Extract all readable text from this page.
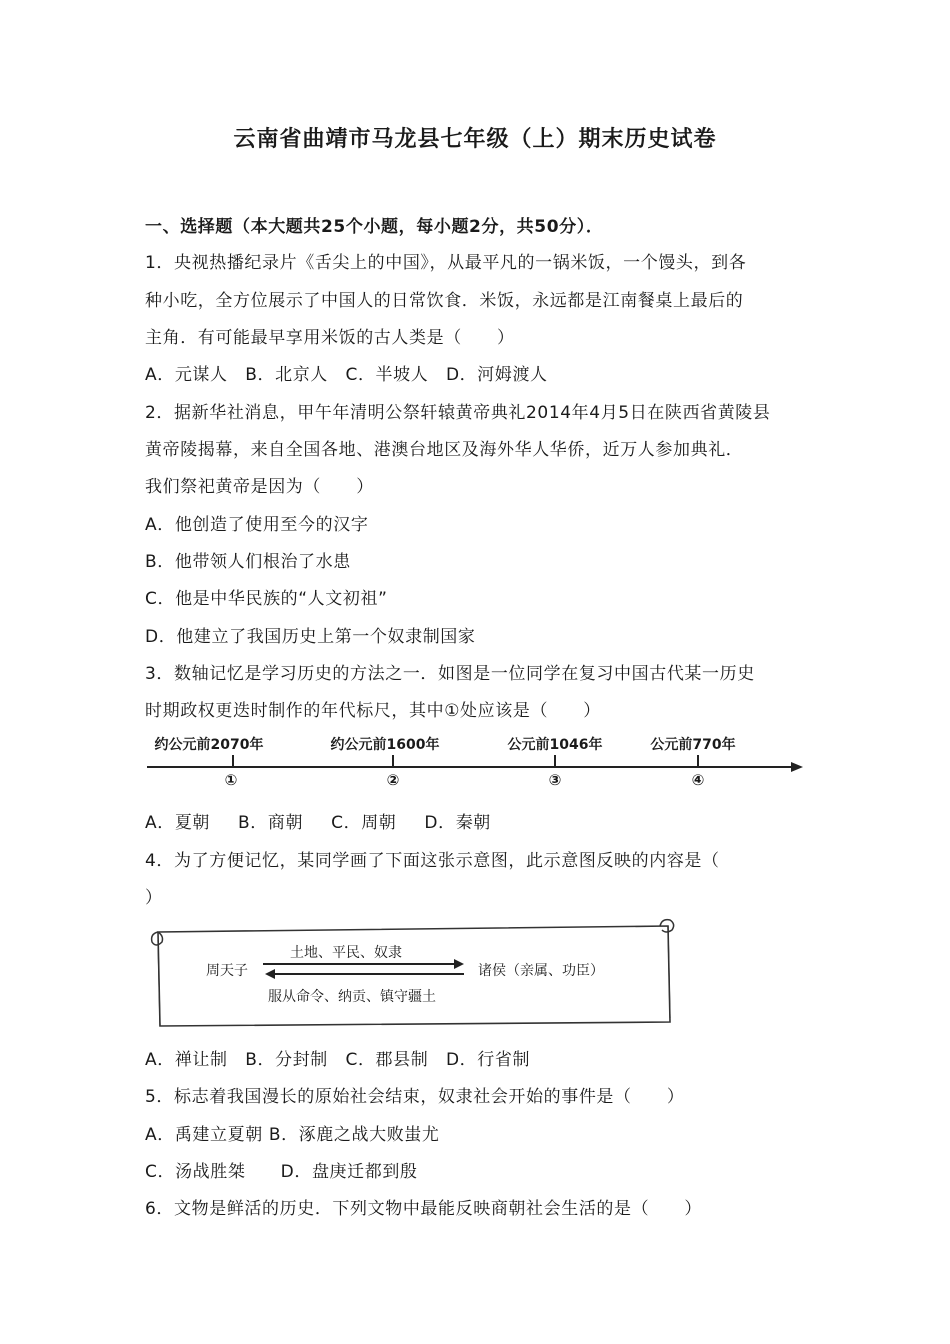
云南省曲靖市马龙县七年级（上）期末历史试卷
一、选择题（本大题共25个小题，每小题2分，共50分）．
1．央视热播纪录片《舌尖上的中国》，从最平凡的一锅米饭，一个馒头，到各
种小吃，全方位展示了中国人的日常饮食．米饭，永远都是江南餐桌上最后的
主角．有可能最早享用米饭的古人类是（　　）
A．元谋人　B．北京人　C．半坡人　D．河姆渡人
2．据新华社消息，甲午年清明公祭轩辕黄帝典礼2014年4月5日在陕西省黄陵县
黄帝陵揭幕，来自全国各地、港澳台地区及海外华人华侨，近万人参加典礼．
我们祭祀黄帝是因为（　　）
A．他创造了使用至今的汉字
B．他带领人们根治了水患
C．他是中华民族的“人文初祖”
D．他建立了我国历史上第一个奴隶制国家
3．数轴记忆是学习历史的方法之一．如图是一位同学在复习中国古代某一历史
时期政权更迭时制作的年代标尺，其中①处应该是（　　）
约公元前2070年	约公元前1600年	公元前1046年	公元前770年
①	②	③	④
A．夏朝 B．商朝 C．周朝 D．秦朝
4．为了方便记忆，某同学画了下面这张示意图，此示意图反映的内容是（
）
土地、平民、奴隶
周天子	诸侯（亲属、功臣）
服从命令、纳贡、镇守疆土
A．禅让制　B．分封制　C．郡县制　D．行省制
5．标志着我国漫长的原始社会结束，奴隶社会开始的事件是（　　）
A．禹建立夏朝 B．涿鹿之战大败蚩尤
C．汤战胜桀　　D．盘庚迁都到殷
6．文物是鲜活的历史．下列文物中最能反映商朝社会生活的是（　　）
